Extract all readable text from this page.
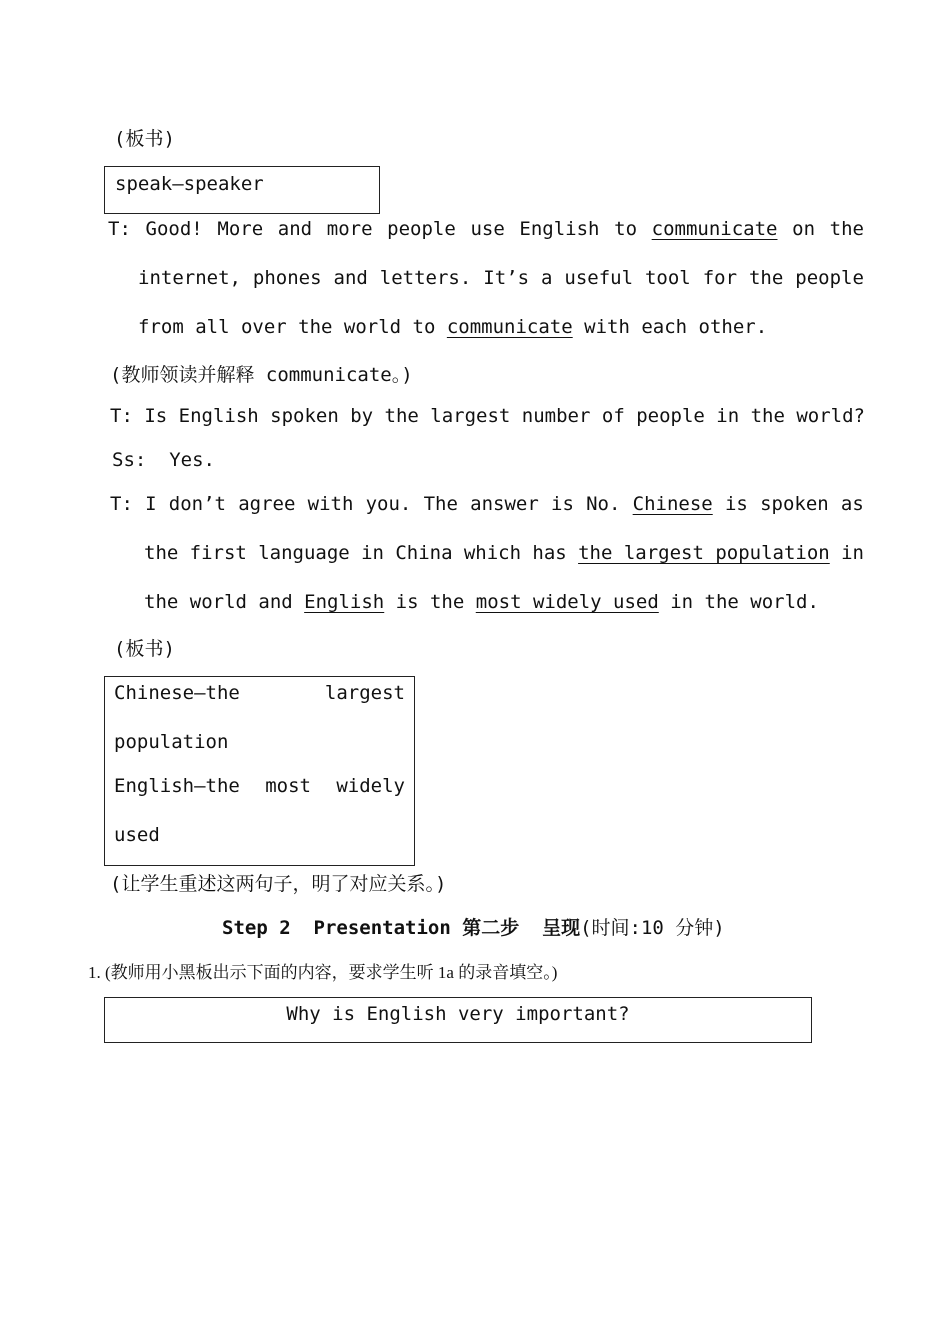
(板书)
speak—speaker
T: Good! More and more people use English to communicate on the
internet, phones and letters. It’s a useful tool for the people
from all over the world to communicate with each other.
(教师领读并解释 communicate。)
T: Is English spoken by the largest number of people in the world?
Ss:  Yes.
T: I don’t agree with you. The answer is No. Chinese is spoken as
the first language in China which has the largest population in
the world and English is the most widely used in the world.
(板书)
Chinese—the	largest
population
English—the most widely
used
(让学生重述这两句子，明了对应关系。)
Step 2  Presentation 第二步  呈现(时间:10 分钟)
1. (教师用小黑板出示下面的内容，要求学生听 1a 的录音填空。)
Why is English very important?
